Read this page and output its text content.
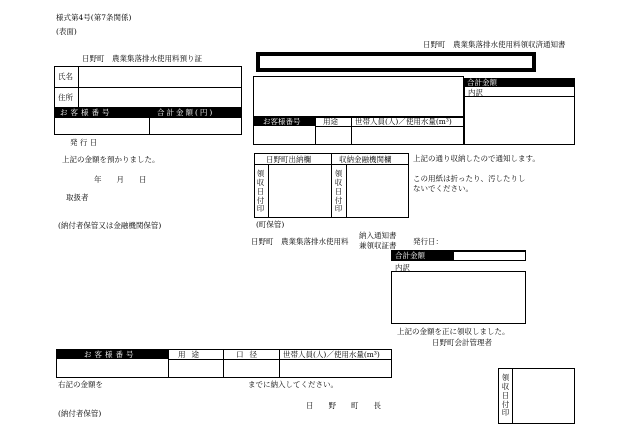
様式第4号(第7条関係)
(表面)
日野町　農業集落排水使用料預り証
氏名
住所
お客様番号	合計金額(円)
発 行 日
上記の金額を預かりました。
年　　月　　日
取扱者
(納付者保管又は金融機関保管)
日野町　農業集落排水使用料領収済通知書
合計金額
内訳
お客様番号	用途 世帯人員(人)／使用水量(m³)
日野町出納欄	収納金融機関欄
領収日付印
領収日付印
上記の通り収納したので通知します。
この用紙は折ったり、汚したりしないでください。
(町保管)
日野町　農業集落排水使用料
納入通知書
兼領収証書 発行日：
合計金額
内訳
上記の金額を正に領収しました。
日野町会計管理者
お客様番号	用途	口径	世帯人員(人)／使用水量(m³)
右記の金額を	までに納入してください。
日　　野　　町　　長
(納付者保管)
領収日付印
